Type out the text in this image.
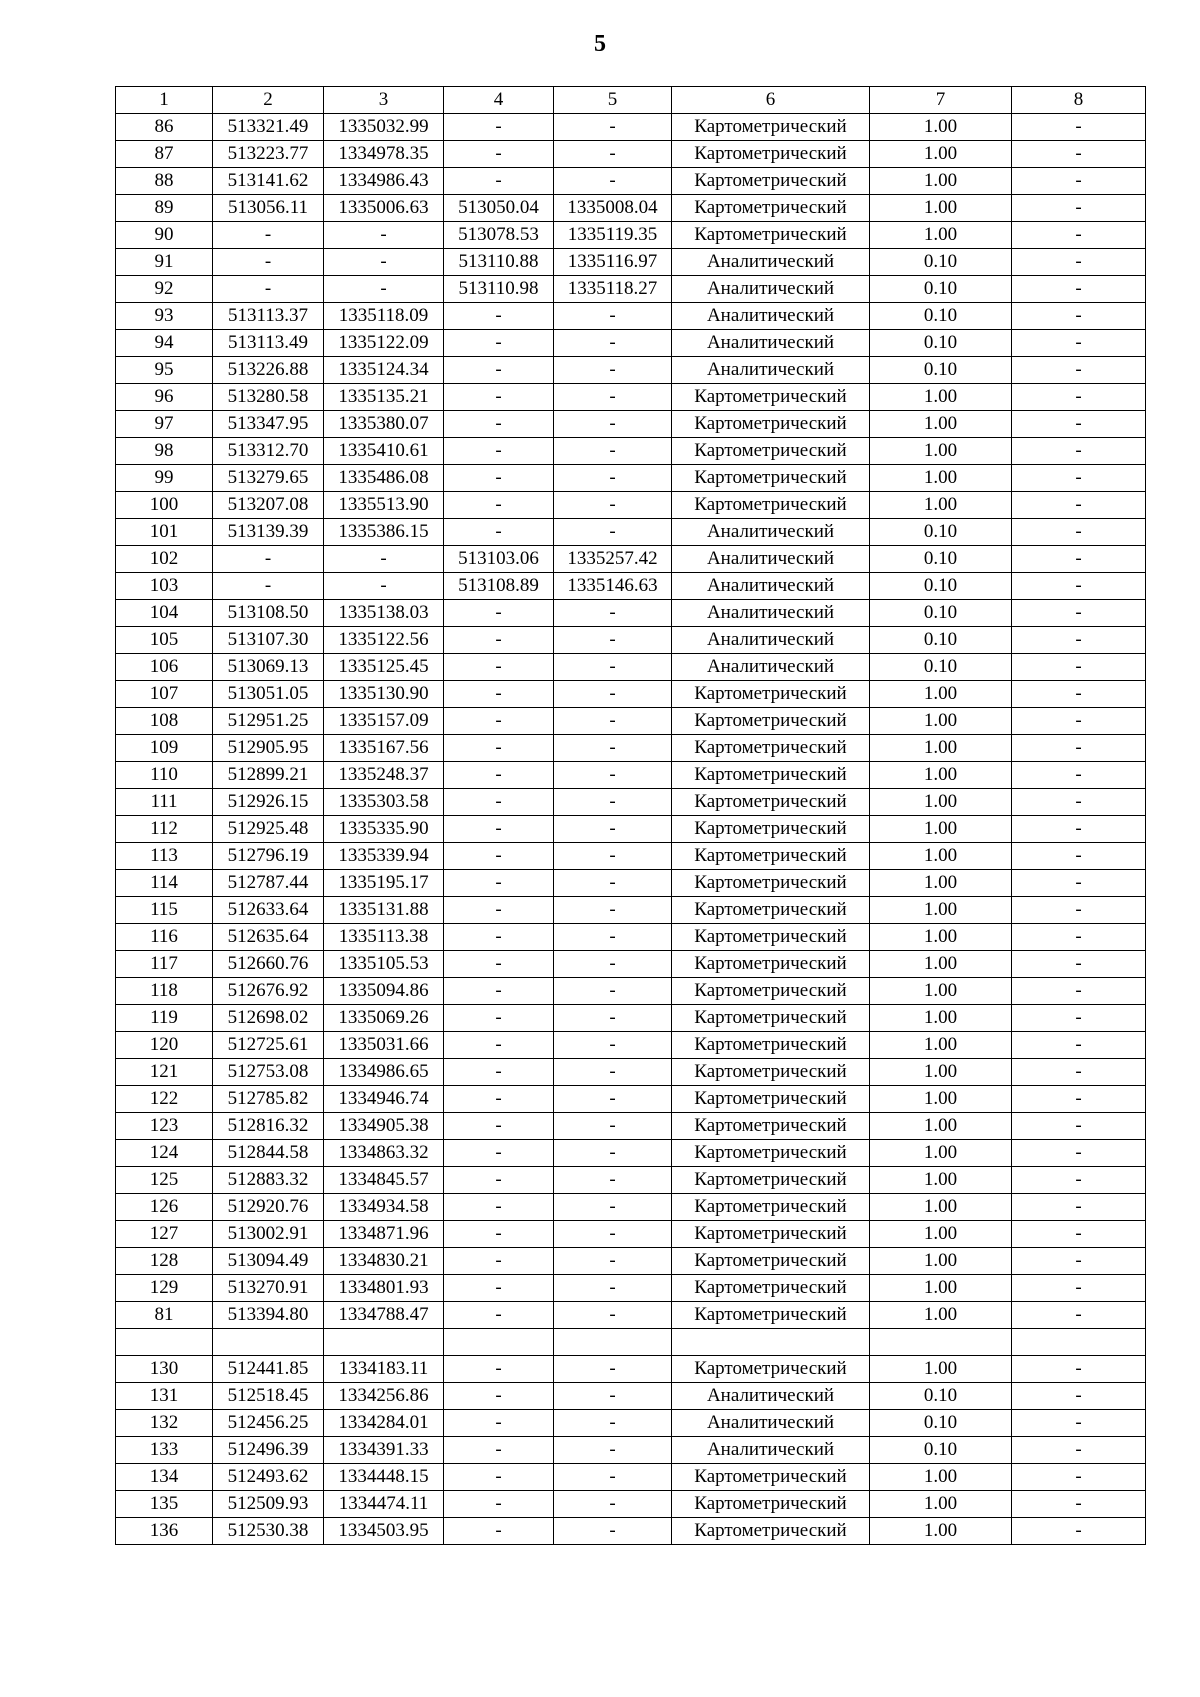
5
1	2	3	4	5	6	7	8
86	513321.49	1335032.99	-	-	Картометрический	1.00	-
87	513223.77	1334978.35	-	-	Картометрический	1.00	-
88	513141.62	1334986.43	-	-	Картометрический	1.00	-
89	513056.11	1335006.63	513050.04	1335008.04	Картометрический	1.00	-
90	-	-	513078.53	1335119.35	Картометрический	1.00	-
91	-	-	513110.88	1335116.97	Аналитический	0.10	-
92	-	-	513110.98	1335118.27	Аналитический	0.10	-
93	513113.37	1335118.09	-	-	Аналитический	0.10	-
94	513113.49	1335122.09	-	-	Аналитический	0.10	-
95	513226.88	1335124.34	-	-	Аналитический	0.10	-
96	513280.58	1335135.21	-	-	Картометрический	1.00	-
97	513347.95	1335380.07	-	-	Картометрический	1.00	-
98	513312.70	1335410.61	-	-	Картометрический	1.00	-
99	513279.65	1335486.08	-	-	Картометрический	1.00	-
100	513207.08	1335513.90	-	-	Картометрический	1.00	-
101	513139.39	1335386.15	-	-	Аналитический	0.10	-
102	-	-	513103.06	1335257.42	Аналитический	0.10	-
103	-	-	513108.89	1335146.63	Аналитический	0.10	-
104	513108.50	1335138.03	-	-	Аналитический	0.10	-
105	513107.30	1335122.56	-	-	Аналитический	0.10	-
106	513069.13	1335125.45	-	-	Аналитический	0.10	-
107	513051.05	1335130.90	-	-	Картометрический	1.00	-
108	512951.25	1335157.09	-	-	Картометрический	1.00	-
109	512905.95	1335167.56	-	-	Картометрический	1.00	-
110	512899.21	1335248.37	-	-	Картометрический	1.00	-
111	512926.15	1335303.58	-	-	Картометрический	1.00	-
112	512925.48	1335335.90	-	-	Картометрический	1.00	-
113	512796.19	1335339.94	-	-	Картометрический	1.00	-
114	512787.44	1335195.17	-	-	Картометрический	1.00	-
115	512633.64	1335131.88	-	-	Картометрический	1.00	-
116	512635.64	1335113.38	-	-	Картометрический	1.00	-
117	512660.76	1335105.53	-	-	Картометрический	1.00	-
118	512676.92	1335094.86	-	-	Картометрический	1.00	-
119	512698.02	1335069.26	-	-	Картометрический	1.00	-
120	512725.61	1335031.66	-	-	Картометрический	1.00	-
121	512753.08	1334986.65	-	-	Картометрический	1.00	-
122	512785.82	1334946.74	-	-	Картометрический	1.00	-
123	512816.32	1334905.38	-	-	Картометрический	1.00	-
124	512844.58	1334863.32	-	-	Картометрический	1.00	-
125	512883.32	1334845.57	-	-	Картометрический	1.00	-
126	512920.76	1334934.58	-	-	Картометрический	1.00	-
127	513002.91	1334871.96	-	-	Картометрический	1.00	-
128	513094.49	1334830.21	-	-	Картометрический	1.00	-
129	513270.91	1334801.93	-	-	Картометрический	1.00	-
81	513394.80	1334788.47	-	-	Картометрический	1.00	-

130	512441.85	1334183.11	-	-	Картометрический	1.00	-
131	512518.45	1334256.86	-	-	Аналитический	0.10	-
132	512456.25	1334284.01	-	-	Аналитический	0.10	-
133	512496.39	1334391.33	-	-	Аналитический	0.10	-
134	512493.62	1334448.15	-	-	Картометрический	1.00	-
135	512509.93	1334474.11	-	-	Картометрический	1.00	-
136	512530.38	1334503.95	-	-	Картометрический	1.00	-
